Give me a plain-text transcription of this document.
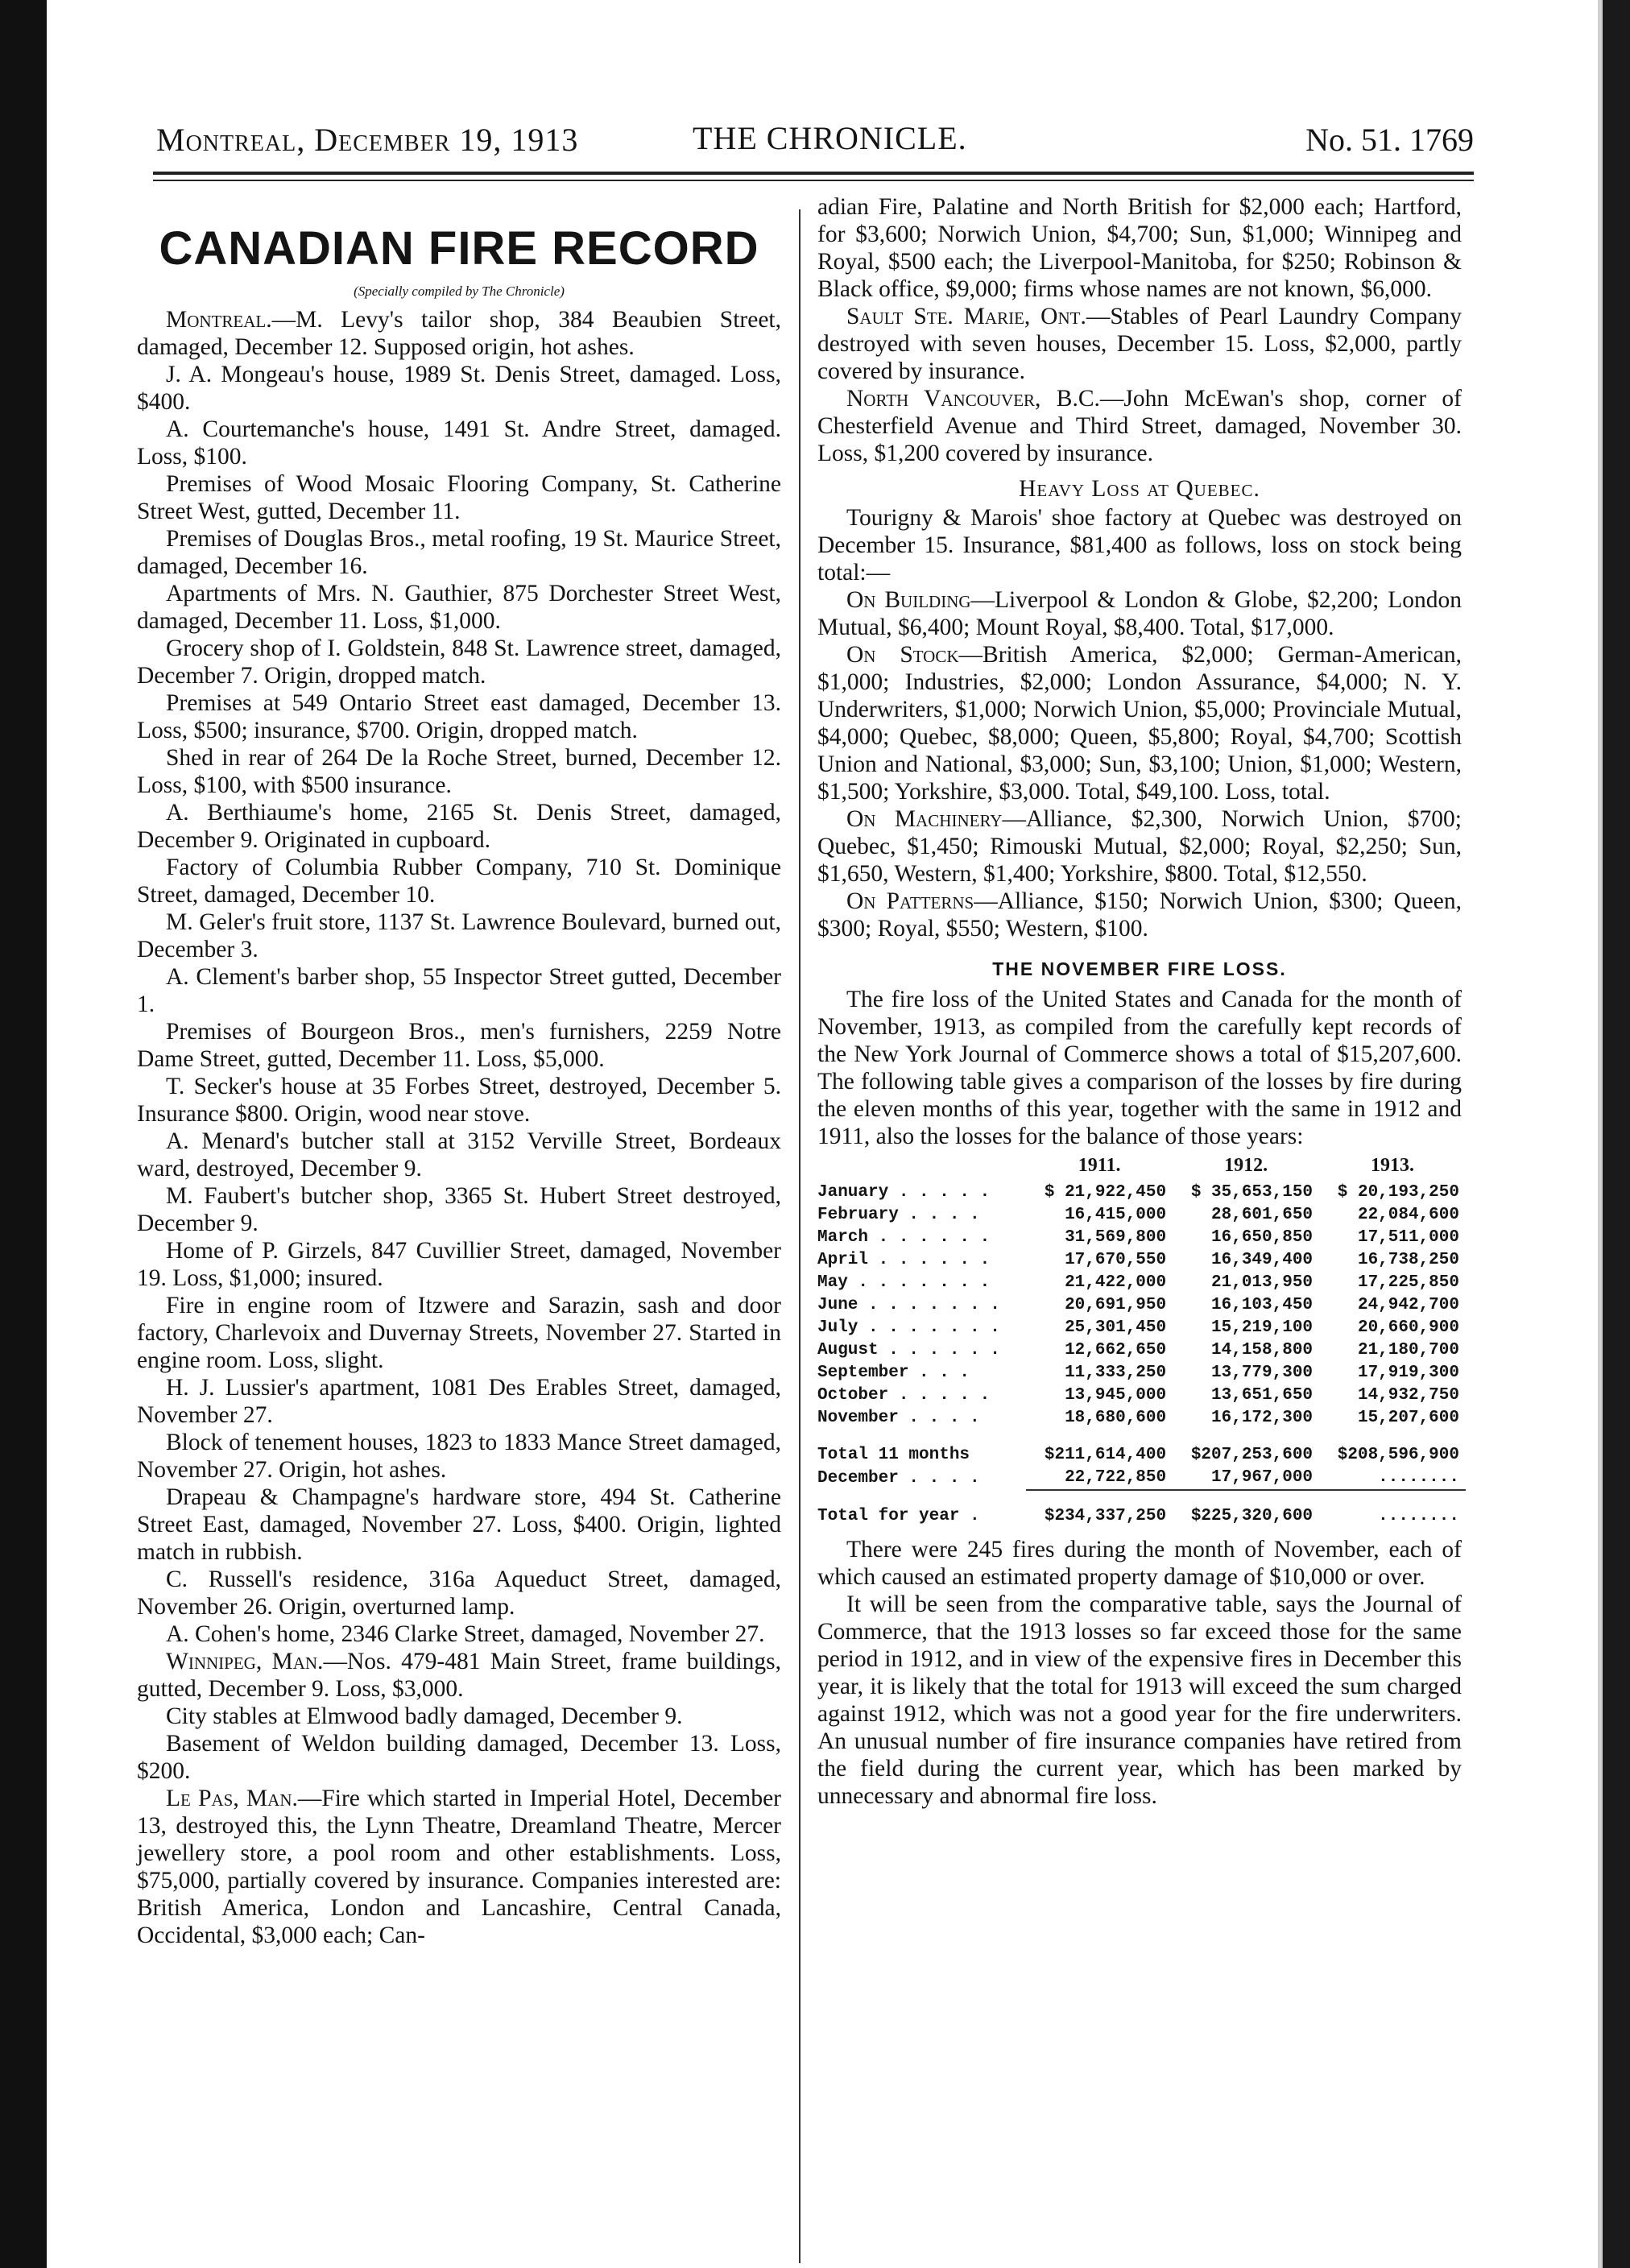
Montreal, December 19, 1913	THE CHRONICLE.	No. 51. 1769
CANADIAN FIRE RECORD
(Specially compiled by The Chronicle)

Montreal.—M. Levy's tailor shop, 384 Beaubien Street, damaged, December 12. Supposed origin, hot ashes.

J. A. Mongeau's house, 1989 St. Denis Street, damaged. Loss, $400.

A. Courtemanche's house, 1491 St. Andre Street, damaged. Loss, $100.

Premises of Wood Mosaic Flooring Company, St. Catherine Street West, gutted, December 11.

Premises of Douglas Bros., metal roofing, 19 St. Maurice Street, damaged, December 16.

Apartments of Mrs. N. Gauthier, 875 Dorchester Street West, damaged, December 11. Loss, $1,000.

Grocery shop of I. Goldstein, 848 St. Lawrence street, damaged, December 7. Origin, dropped match.

Premises at 549 Ontario Street east damaged, December 13. Loss, $500; insurance, $700. Origin, dropped match.

Shed in rear of 264 De la Roche Street, burned, December 12. Loss, $100, with $500 insurance.

A. Berthiaume's home, 2165 St. Denis Street, damaged, December 9. Originated in cupboard.

Factory of Columbia Rubber Company, 710 St. Dominique Street, damaged, December 10.

M. Geler's fruit store, 1137 St. Lawrence Boulevard, burned out, December 3.

A. Clement's barber shop, 55 Inspector Street gutted, December 1.

Premises of Bourgeon Bros., men's furnishers, 2259 Notre Dame Street, gutted, December 11. Loss, $5,000.

T. Secker's house at 35 Forbes Street, destroyed, December 5. Insurance $800. Origin, wood near stove.

A. Menard's butcher stall at 3152 Verville Street, Bordeaux ward, destroyed, December 9.

M. Faubert's butcher shop, 3365 St. Hubert Street destroyed, December 9.

Home of P. Girzels, 847 Cuvillier Street, damaged, November 19. Loss, $1,000; insured.

Fire in engine room of Itzwere and Sarazin, sash and door factory, Charlevoix and Duvernay Streets, November 27. Started in engine room. Loss, slight.

H. J. Lussier's apartment, 1081 Des Erables Street, damaged, November 27.

Block of tenement houses, 1823 to 1833 Mance Street damaged, November 27. Origin, hot ashes.

Drapeau & Champagne's hardware store, 494 St. Catherine Street East, damaged, November 27. Loss, $400. Origin, lighted match in rubbish.

C. Russell's residence, 316a Aqueduct Street, damaged, November 26. Origin, overturned lamp.

A. Cohen's home, 2346 Clarke Street, damaged, November 27.

Winnipeg, Man.—Nos. 479-481 Main Street, frame buildings, gutted, December 9. Loss, $3,000.

City stables at Elmwood badly damaged, December 9.

Basement of Weldon building damaged, December 13. Loss, $200.

Le Pas, Man.—Fire which started in Imperial Hotel, December 13, destroyed this, the Lynn Theatre, Dreamland Theatre, Mercer jewellery store, a pool room and other establishments. Loss, $75,000, partially covered by insurance. Companies interested are: British America, London and Lancashire, Central Canada, Occidental, $3,000 each; Can-

adian Fire, Palatine and North British for $2,000 each; Hartford, for $3,600; Norwich Union, $4,700; Sun, $1,000; Winnipeg and Royal, $500 each; the Liverpool-Manitoba, for $250; Robinson & Black office, $9,000; firms whose names are not known, $6,000.

Sault Ste. Marie, Ont.—Stables of Pearl Laundry Company destroyed with seven houses, December 15. Loss, $2,000, partly covered by insurance.

North Vancouver, B.C.—John McEwan's shop, corner of Chesterfield Avenue and Third Street, damaged, November 30. Loss, $1,200 covered by insurance.

Heavy Loss at Quebec.

Tourigny & Marois' shoe factory at Quebec was destroyed on December 15. Insurance, $81,400 as follows, loss on stock being total:—

On Building—Liverpool & London & Globe, $2,200; London Mutual, $6,400; Mount Royal, $8,400. Total, $17,000.

On Stock—British America, $2,000; German-American, $1,000; Industries, $2,000; London Assurance, $4,000; N. Y. Underwriters, $1,000; Norwich Union, $5,000; Provinciale Mutual, $4,000; Quebec, $8,000; Queen, $5,800; Royal, $4,700; Scottish Union and National, $3,000; Sun, $3,100; Union, $1,000; Western, $1,500; Yorkshire, $3,000. Total, $49,100. Loss, total.

On Machinery—Alliance, $2,300, Norwich Union, $700; Quebec, $1,450; Rimouski Mutual, $2,000; Royal, $2,250; Sun, $1,650, Western, $1,400; Yorkshire, $800. Total, $12,550.

On Patterns—Alliance, $150; Norwich Union, $300; Queen, $300; Royal, $550; Western, $100.

THE NOVEMBER FIRE LOSS.

The fire loss of the United States and Canada for the month of November, 1913, as compiled from the carefully kept records of the New York Journal of Commerce shows a total of $15,207,600. The following table gives a comparison of the losses by fire during the eleven months of this year, together with the same in 1912 and 1911, also the losses for the balance of those years:

	1911.	1912.	1913.
January . . . . .	$ 21,922,450	$ 35,653,150	$ 20,193,250
February . . . .	16,415,000	28,601,650	22,084,600
March . . . . . .	31,569,800	16,650,850	17,511,000
April . . . . . .	17,670,550	16,349,400	16,738,250
May . . . . . . .	21,422,000	21,013,950	17,225,850
June . . . . . . .	20,691,950	16,103,450	24,942,700
July . . . . . . .	25,301,450	15,219,100	20,660,900
August . . . . . .	12,662,650	14,158,800	21,180,700
September . . .	11,333,250	13,779,300	17,919,300
October . . . . .	13,945,000	13,651,650	14,932,750
November . . . .	18,680,600	16,172,300	15,207,600

Total 11 months	$211,614,400	$207,253,600	$208,596,900
December . . . .	22,722,850	17,967,000	........

Total for year .	$234,337,250	$225,320,600	........

There were 245 fires during the month of November, each of which caused an estimated property damage of $10,000 or over.

It will be seen from the comparative table, says the Journal of Commerce, that the 1913 losses so far exceed those for the same period in 1912, and in view of the expensive fires in December this year, it is likely that the total for 1913 will exceed the sum charged against 1912, which was not a good year for the fire underwriters. An unusual number of fire insurance companies have retired from the field during the current year, which has been marked by unnecessary and abnormal fire loss.
